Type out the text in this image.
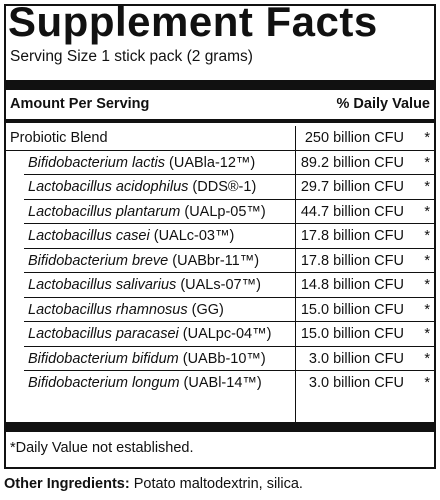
Supplement Facts
Serving Size 1 stick pack (2 grams)
Amount Per Serving	% Daily Value
Probiotic Blend	250 billion CFU *
Bifidobacterium lactis (UABla-12™)	89.2 billion CFU *
Lactobacillus acidophilus (DDS®-1)	29.7 billion CFU *
Lactobacillus plantarum (UALp-05™) 44.7 billion CFU *
Lactobacillus casei (UALc-03™)	17.8 billion CFU *
Bifidobacterium breve (UABbr-11™)	17.8 billion CFU *
Lactobacillus salivarius (UALs-07™)	14.8 billion CFU *
Lactobacillus rhamnosus (GG)	15.0 billion CFU *
Lactobacillus paracasei (UALpc-04™) 15.0 billion CFU *
Bifidobacterium bifidum (UABb-10™)	3.0 billion CFU *
Bifidobacterium longum (UABl-14™)	3.0 billion CFU *
*Daily Value not established.
Other Ingredients: Potato maltodextrin, silica.
